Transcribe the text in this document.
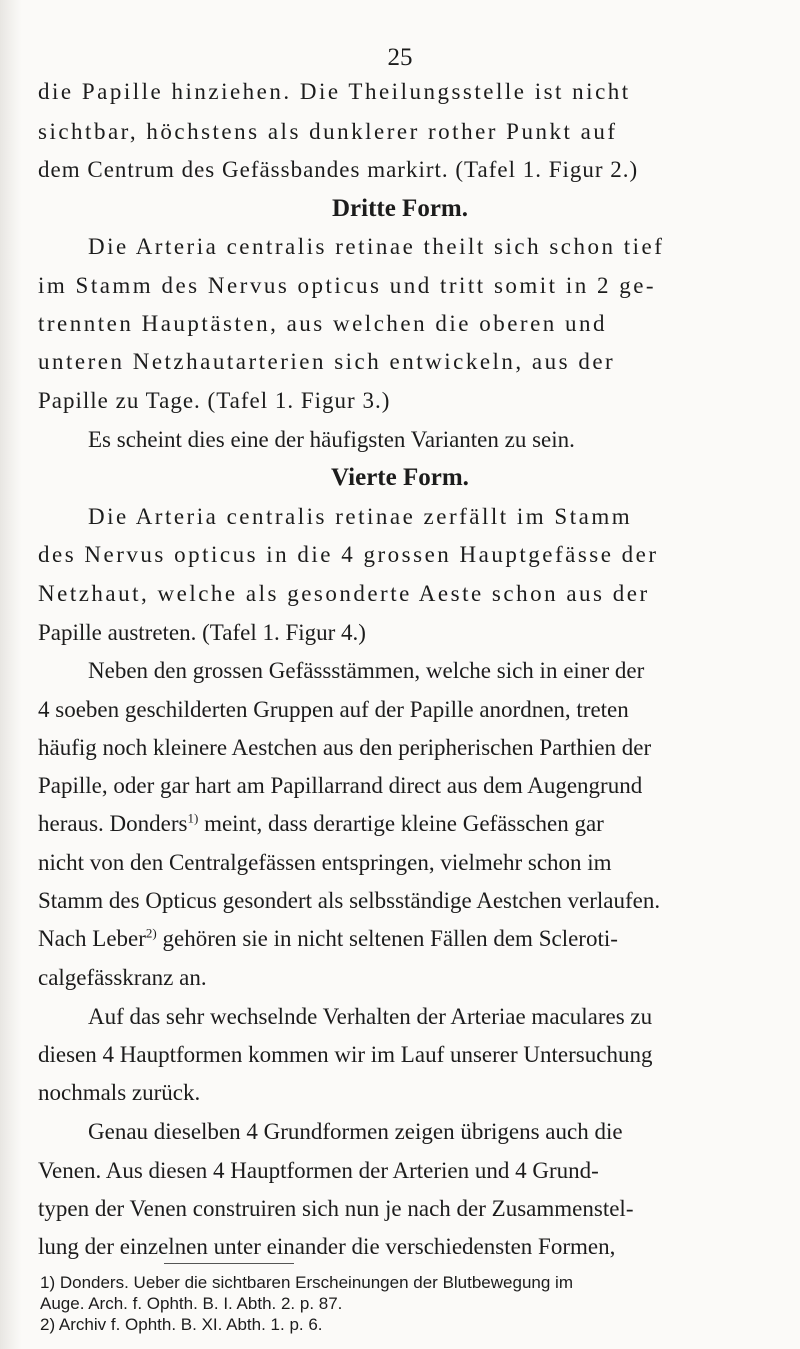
25
die Papille hinziehen. Die Theilungsstelle ist nicht
sichtbar, höchstens als dunklerer rother Punkt auf
dem Centrum des Gefässbandes markirt. (Tafel 1. Figur 2.)
Dritte Form.
Die Arteria centralis retinae theilt sich schon tief
im Stamm des Nervus opticus und tritt somit in 2 ge-
trennten Hauptästen, aus welchen die oberen und
unteren Netzhautarterien sich entwickeln, aus der
Papille zu Tage. (Tafel 1. Figur 3.)
Es scheint dies eine der häufigsten Varianten zu sein.
Vierte Form.
Die Arteria centralis retinae zerfällt im Stamm
des Nervus opticus in die 4 grossen Hauptgefässe der
Netzhaut, welche als gesonderte Aeste schon aus der
Papille austreten. (Tafel 1. Figur 4.)
Neben den grossen Gefässstämmen, welche sich in einer der
4 soeben geschilderten Gruppen auf der Papille anordnen, treten
häufig noch kleinere Aestchen aus den peripherischen Parthien der
Papille, oder gar hart am Papillarrand direct aus dem Augengrund
heraus. Donders$^{1)}$ meint, dass derartige kleine Gefässchen gar
nicht von den Centralgefässen entspringen, vielmehr schon im
Stamm des Opticus gesondert als selbsständige Aestchen verlaufen.
Nach Leber$^{2)}$ gehören sie in nicht seltenen Fällen dem Scleroti-
calgefässkranz an.
Auf das sehr wechselnde Verhalten der Arteriae maculares zu
diesen 4 Hauptformen kommen wir im Lauf unserer Untersuchung
nochmals zurück.
Genau dieselben 4 Grundformen zeigen übrigens auch die
Venen. Aus diesen 4 Hauptformen der Arterien und 4 Grund-
typen der Venen construiren sich nun je nach der Zusammenstel-
lung der einzelnen unter einander die verschiedensten Formen,
1) Donders. Ueber die sichtbaren Erscheinungen der Blutbewegung im
Auge. Arch. f. Ophth. B. I. Abth. 2. p. 87.
2) Archiv f. Ophth. B. XI. Abth. 1. p. 6.
